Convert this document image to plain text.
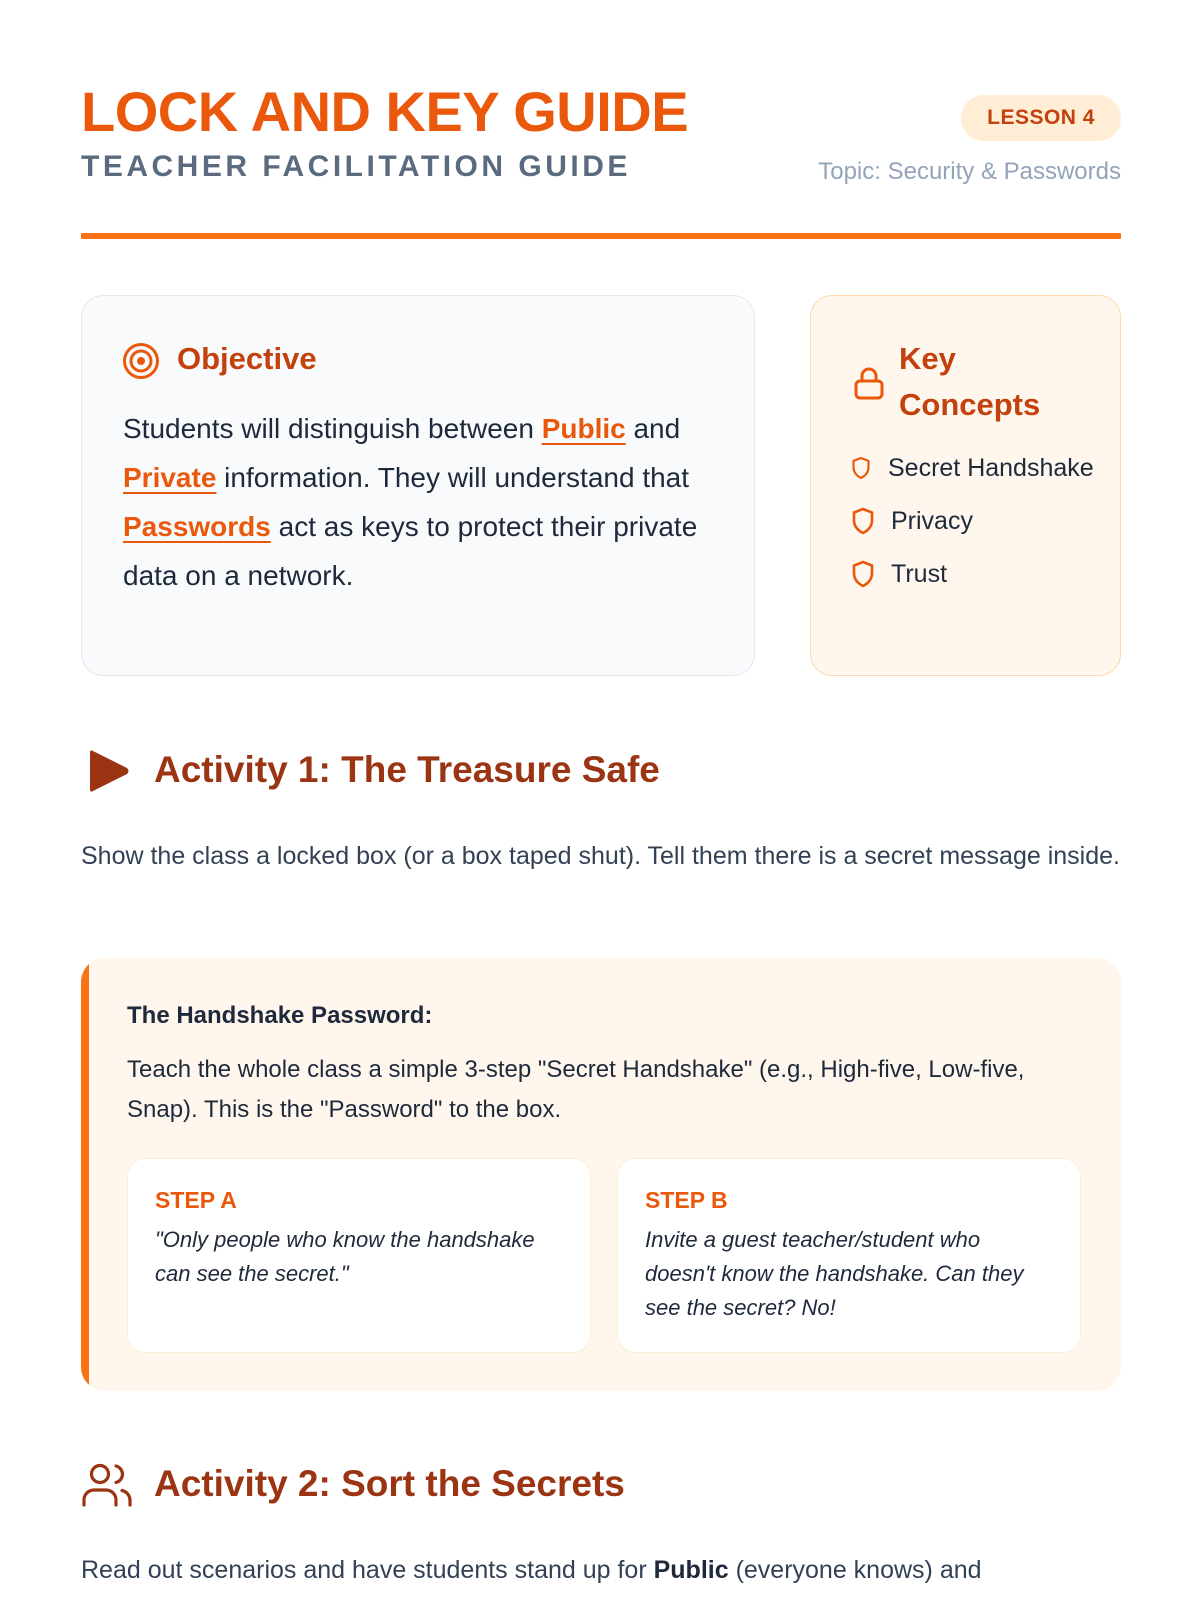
LOCK AND KEY GUIDE
TEACHER FACILITATION GUIDE
LESSON 4
Topic: Security & Passwords
Objective

Students will distinguish between Public and Private information. They will understand that Passwords act as keys to protect their private data on a network.

Key Concepts
Secret Handshake
Privacy
Trust
Activity 1: The Treasure Safe

Show the class a locked box (or a box taped shut). Tell them there is a secret message inside.

The Handshake Password:

Teach the whole class a simple 3-step "Secret Handshake" (e.g., High-five, Low-five, Snap). This is the "Password" to the box.

STEP A

"Only people who know the handshake can see the secret."

STEP B

Invite a guest teacher/student who doesn't know the handshake. Can they see the secret? No!

Activity 2: Sort the Secrets

Read out scenarios and have students stand up for Public (everyone knows) and
